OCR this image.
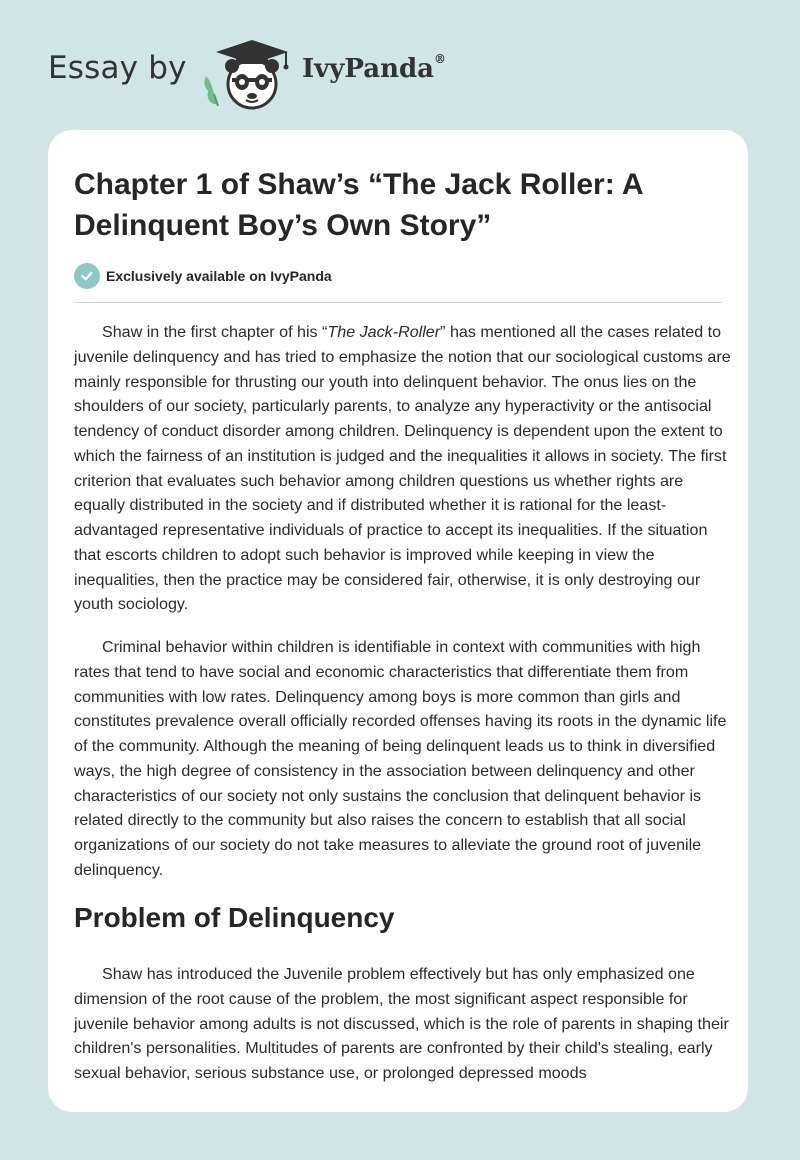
Essay by	IvyPanda®
Chapter 1 of Shaw’s “The Jack Roller: A Delinquent Boy’s Own Story”
Exclusively available on IvyPanda

Shaw in the first chapter of his “The Jack-Roller” has mentioned all the cases related to juvenile delinquency and has tried to emphasize the notion that our sociological customs are mainly responsible for thrusting our youth into delinquent behavior. The onus lies on the shoulders of our society, particularly parents, to analyze any hyperactivity or the antisocial tendency of conduct disorder among children. Delinquency is dependent upon the extent to which the fairness of an institution is judged and the inequalities it allows in society. The first criterion that evaluates such behavior among children questions us whether rights are equally distributed in the society and if distributed whether it is rational for the least-advantaged representative individuals of practice to accept its inequalities. If the situation that escorts children to adopt such behavior is improved while keeping in view the inequalities, then the practice may be considered fair, otherwise, it is only destroying our youth sociology.

Criminal behavior within children is identifiable in context with communities with high rates that tend to have social and economic characteristics that differentiate them from communities with low rates. Delinquency among boys is more common than girls and constitutes prevalence overall officially recorded offenses having its roots in the dynamic life of the community. Although the meaning of being delinquent leads us to think in diversified ways, the high degree of consistency in the association between delinquency and other characteristics of our society not only sustains the conclusion that delinquent behavior is related directly to the community but also raises the concern to establish that all social organizations of our society do not take measures to alleviate the ground root of juvenile delinquency.

Problem of Delinquency

Shaw has introduced the Juvenile problem effectively but has only emphasized one dimension of the root cause of the problem, the most significant aspect responsible for juvenile behavior among adults is not discussed, which is the role of parents in shaping their children's personalities. Multitudes of parents are confronted by their child's stealing, early sexual behavior, serious substance use, or prolonged depressed moods
